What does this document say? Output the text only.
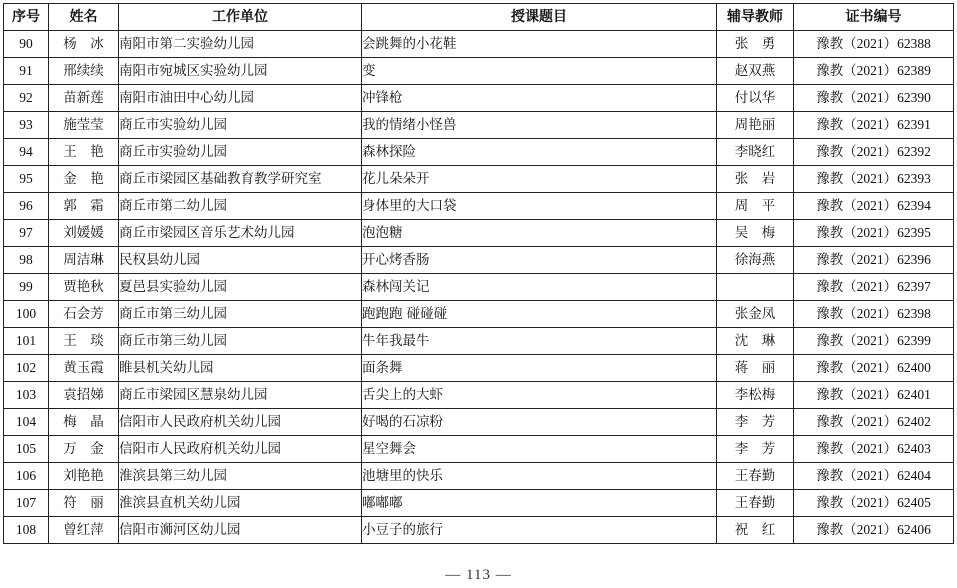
序号	姓名	工作单位	授课题目	辅导教师	证书编号
90	杨　冰	南阳市第二实验幼儿园	会跳舞的小花鞋	张　勇	豫教（2021）62388
91	邢续续	南阳市宛城区实验幼儿园	变	赵双燕	豫教（2021）62389
92	苗新莲	南阳市油田中心幼儿园	冲锋枪	付以华	豫教（2021）62390
93	施莹莹	商丘市实验幼儿园	我的情绪小怪兽	周艳丽	豫教（2021）62391
94	王　艳	商丘市实验幼儿园	森林探险	李晓红	豫教（2021）62392
95	金　艳	商丘市梁园区基础教育教学研究室	花儿朵朵开	张　岩	豫教（2021）62393
96	郭　霜	商丘市第二幼儿园	身体里的大口袋	周　平	豫教（2021）62394
97	刘媛媛	商丘市梁园区音乐艺术幼儿园	泡泡糖	吴　梅	豫教（2021）62395
98	周洁琳	民权县幼儿园	开心烤香肠	徐海燕	豫教（2021）62396
99	贾艳秋	夏邑县实验幼儿园	森林闯关记		豫教（2021）62397
100	石会芳	商丘市第三幼儿园	跑跑跑 碰碰碰	张金凤	豫教（2021）62398
101	王　琰	商丘市第三幼儿园	牛年我最牛	沈　琳	豫教（2021）62399
102	黄玉霞	睢县机关幼儿园	面条舞	蒋　丽	豫教（2021）62400
103	袁招娣	商丘市梁园区慧泉幼儿园	舌尖上的大虾	李松梅	豫教（2021）62401
104	梅　晶	信阳市人民政府机关幼儿园	好喝的石凉粉	李　芳	豫教（2021）62402
105	万　金	信阳市人民政府机关幼儿园	星空舞会	李　芳	豫教（2021）62403
106	刘艳艳	淮滨县第三幼儿园	池塘里的快乐	王春勤	豫教（2021）62404
107	符　丽	淮滨县直机关幼儿园	嘟嘟嘟	王春勤	豫教（2021）62405
108	曾红萍	信阳市浉河区幼儿园	小豆子的旅行	祝　红	豫教（2021）62406
— 113 —
